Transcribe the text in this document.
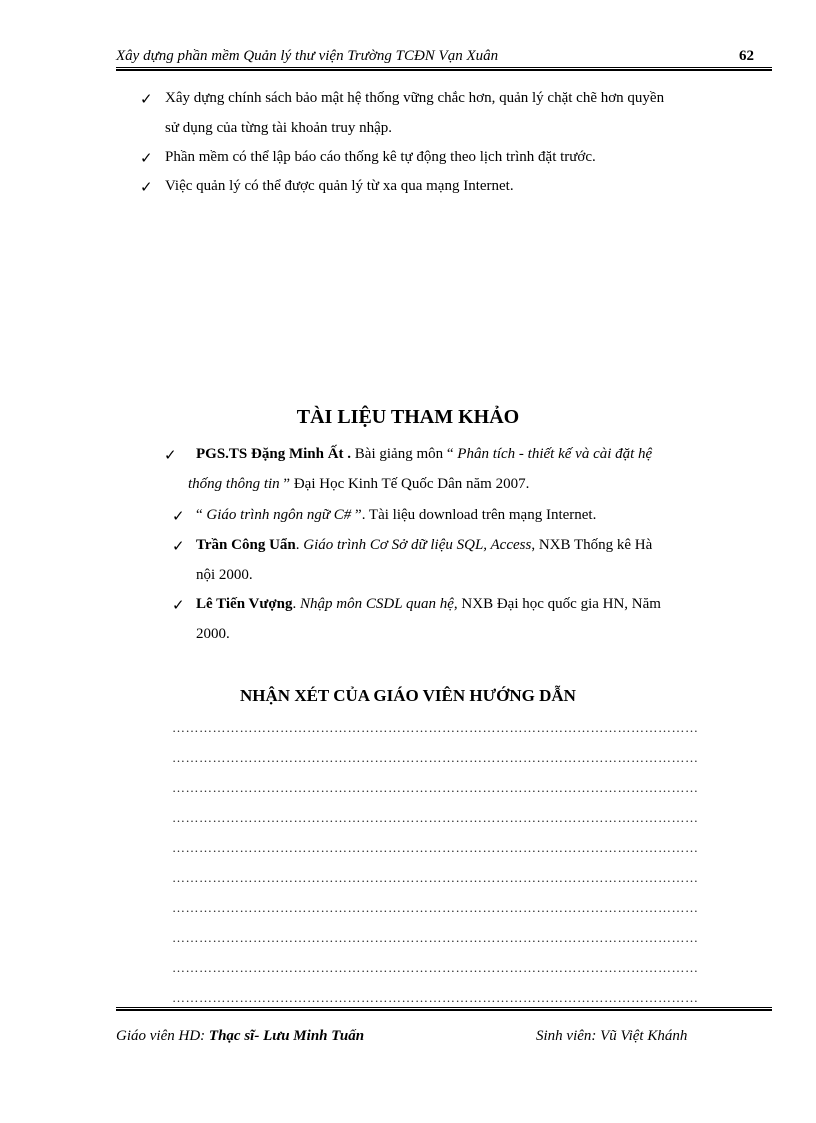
Xây dựng phần mềm Quản lý thư viện Trường TCĐN Vạn Xuân	62
✓ Xây dựng chính sách bảo mật hệ thống vững chắc hơn, quản lý chặt chẽ hơn quyền
sử dụng của từng tài khoản truy nhập.
✓ Phần mềm có thể lập báo cáo thống kê tự động theo lịch trình đặt trước.
✓ Việc quản lý có thể được quản lý từ xa qua mạng Internet.
TÀI LIỆU THAM KHẢO
✓ PGS.TS Đặng Minh Ất . Bài giảng môn “ Phân tích - thiết kế và cài đặt hệ
thống thông tin ” Đại Học Kinh Tế Quốc Dân năm 2007.
✓ “ Giáo trình ngôn ngữ C# ”. Tài liệu download trên mạng Internet.
✓ Trần Công Uẩn. Giáo trình Cơ Sở dữ liệu SQL, Access, NXB Thống kê Hà
nội 2000.
✓ Lê Tiến Vượng. Nhập môn CSDL quan hệ, NXB Đại học quốc gia HN, Năm
2000.
NHẬN XÉT CỦA GIÁO VIÊN HƯỚNG DẪN
………………………………………………………………………………………………………
………………………………………………………………………………………………………
………………………………………………………………………………………………………
………………………………………………………………………………………………………
………………………………………………………………………………………………………
………………………………………………………………………………………………………
………………………………………………………………………………………………………
………………………………………………………………………………………………………
………………………………………………………………………………………………………
………………………………………………………………………………………………………
Giáo viên HD: Thạc sĩ- Lưu Minh Tuấn	Sinh viên: Vũ Việt Khánh
